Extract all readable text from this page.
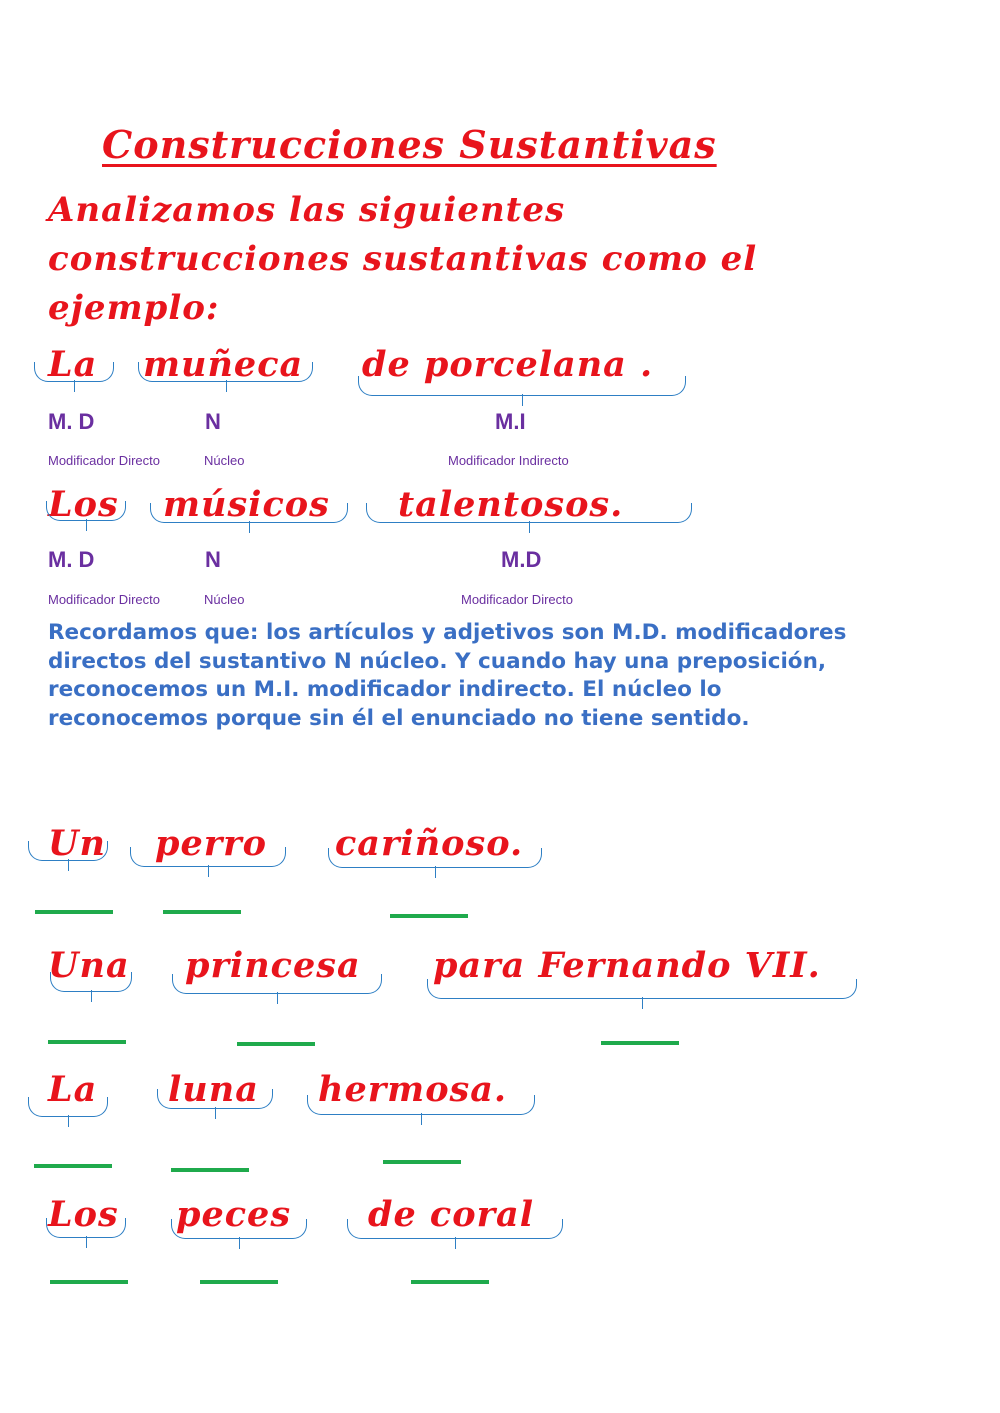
Construcciones Sustantivas
Analizamos las siguientes construcciones sustantivas como el ejemplo:
La muñeca de porcelana .
M. D	N	M.I
Modificador Directo	Núcleo	Modificador Indirecto
Los músicos talentosos.
M. D	N	M.D
Modificador Directo	Núcleo	Modificador Directo
Recordamos que: los artículos y adjetivos son M.D. modificadores directos del sustantivo N núcleo. Y cuando hay una preposición, reconocemos un M.I. modificador indirecto. El núcleo lo reconocemos porque sin él el enunciado no tiene sentido.
Un perro cariñoso.
Una princesa para Fernando VII.
La luna hermosa.
Los peces de coral
